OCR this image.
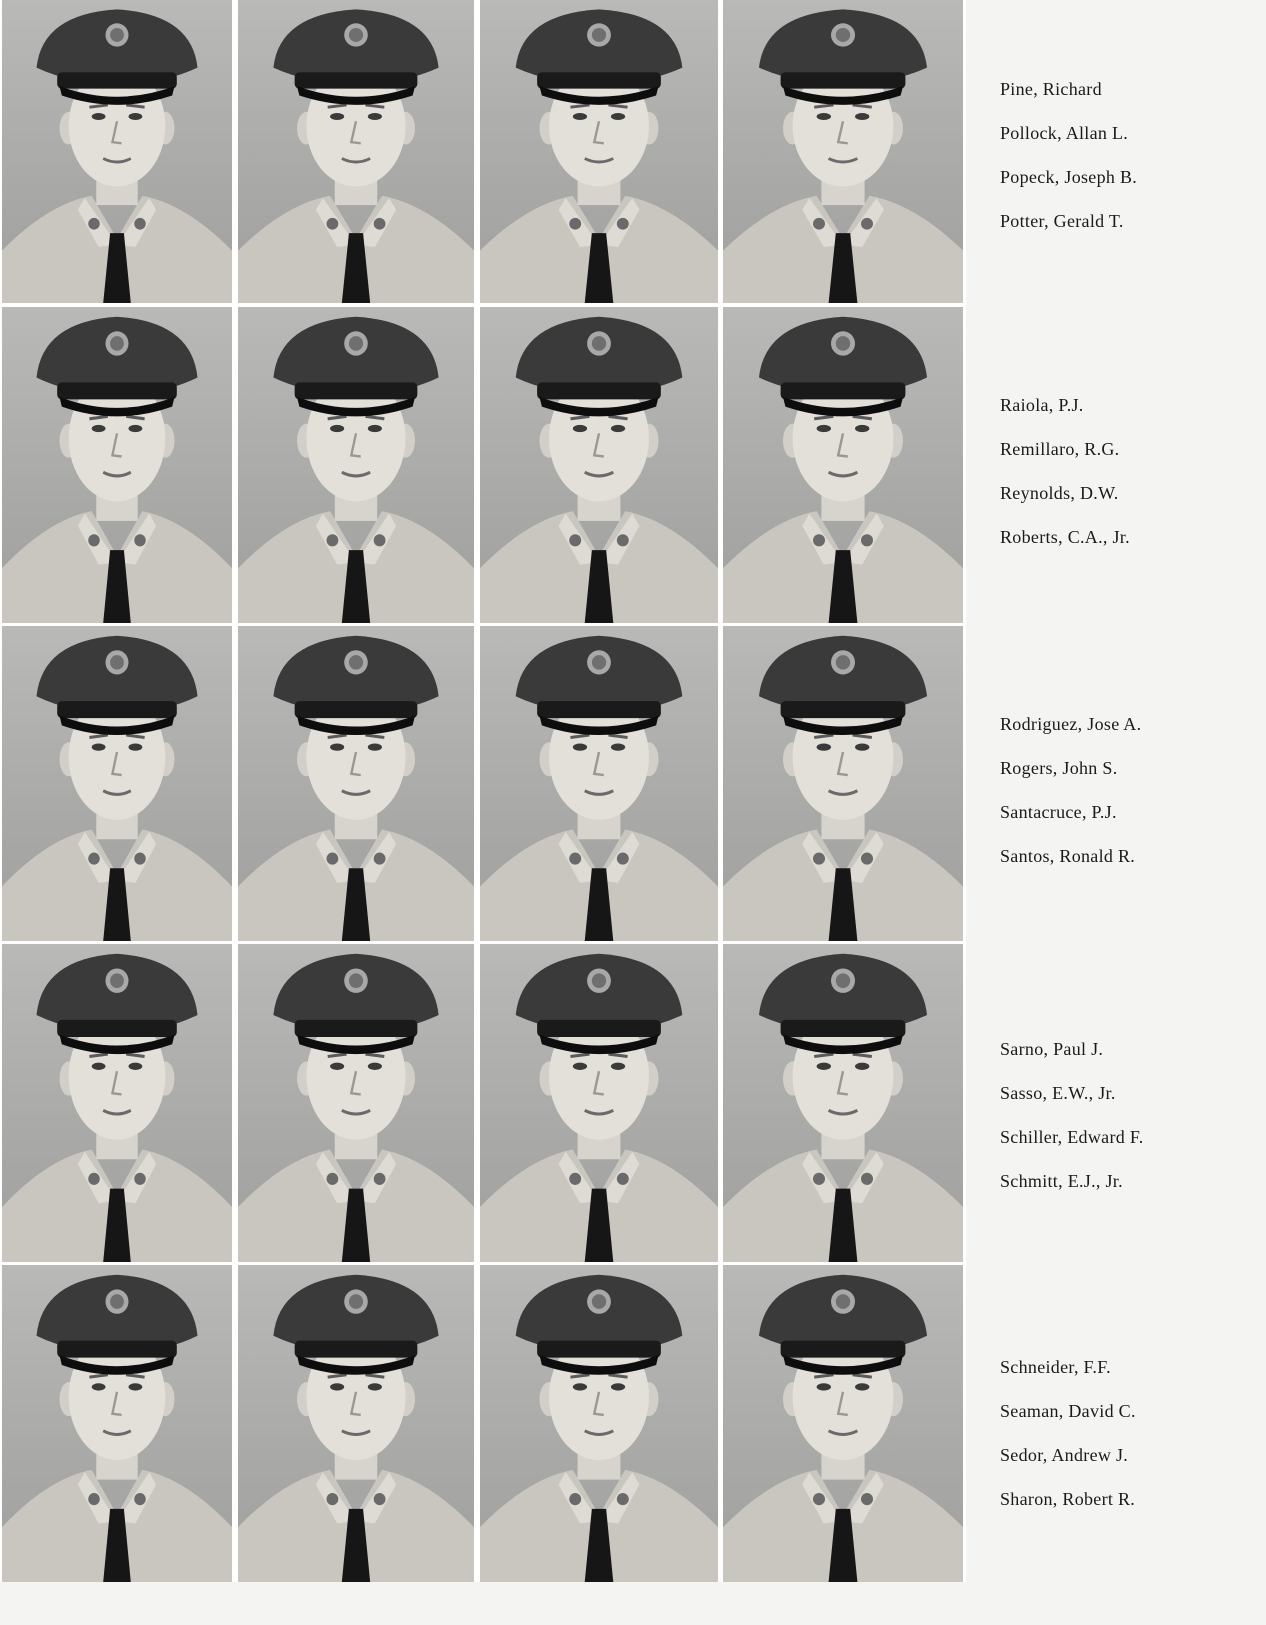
Pine, Richard
Pollock, Allan L.
Popeck, Joseph B.
Potter, Gerald T.
Raiola, P.J.
Remillaro, R.G.
Reynolds, D.W.
Roberts, C.A., Jr.
Rodriguez, Jose A.
Rogers, John S.
Santacruce, P.J.
Santos, Ronald R.
Sarno, Paul J.
Sasso, E.W., Jr.
Schiller, Edward F.
Schmitt, E.J., Jr.
Schneider, F.F.
Seaman, David C.
Sedor, Andrew J.
Sharon, Robert R.
